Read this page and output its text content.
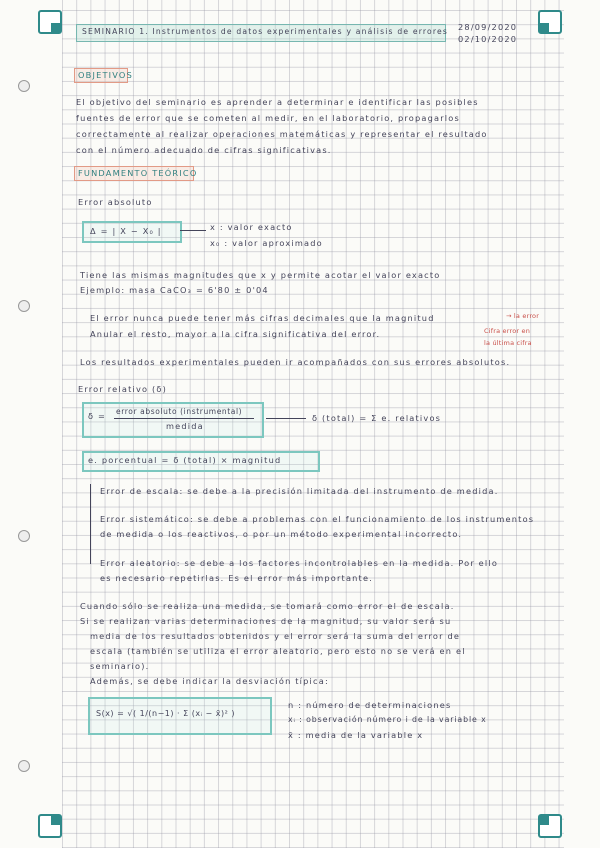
SEMINARIO 1. Instrumentos de datos experimentales y análisis de errores 28/09/2020
02/10/2020
OBJETIVOS
El objetivo del seminario es aprender a determinar e identificar las posibles
fuentes de error que se cometen al medir, en el laboratorio, propagarlos
correctamente al realizar operaciones matemáticas y representar el resultado
con el número adecuado de cifras significativas.
FUNDAMENTO TEÓRICO
Error absoluto
Δ = | X − X₀ |	x : valor exacto
x₀ : valor aproximado
Tiene las mismas magnitudes que x y permite acotar el valor exacto
Ejemplo: masa CaCO₃ = 6'80 ± 0'04
El error nunca puede tener más cifras decimales que la magnitud
Anular el resto, mayor a la cifra significativa del error.
→ la error
Cifra error en
la última cifra
Los resultados experimentales pueden ir acompañados con sus errores absolutos.
Error relativo (δ)
δ = error absoluto (instrumental)
medida
δ (total) = Σ e. relativos
e. porcentual = δ (total) × magnitud
Error de escala: se debe a la precisión limitada del instrumento de medida.
Error sistemático: se debe a problemas con el funcionamiento de los instrumentos
de medida o los reactivos, o por un método experimental incorrecto.
Error aleatorio: se debe a los factores incontrolables en la medida. Por ello
es necesario repetirlas. Es el error más importante.
Cuando sólo se realiza una medida, se tomará como error el de escala.
Si se realizan varias determinaciones de la magnitud, su valor será su
media de los resultados obtenidos y el error será la suma del error de
escala (también se utiliza el error aleatorio, pero esto no se verá en el
seminario).
Además, se debe indicar la desviación típica:
S(x) = √( 1/(n−1) · Σ (xᵢ − x̄)² )
n : número de determinaciones
xᵢ : observación número i de la variable x
x̄ : media de la variable x
